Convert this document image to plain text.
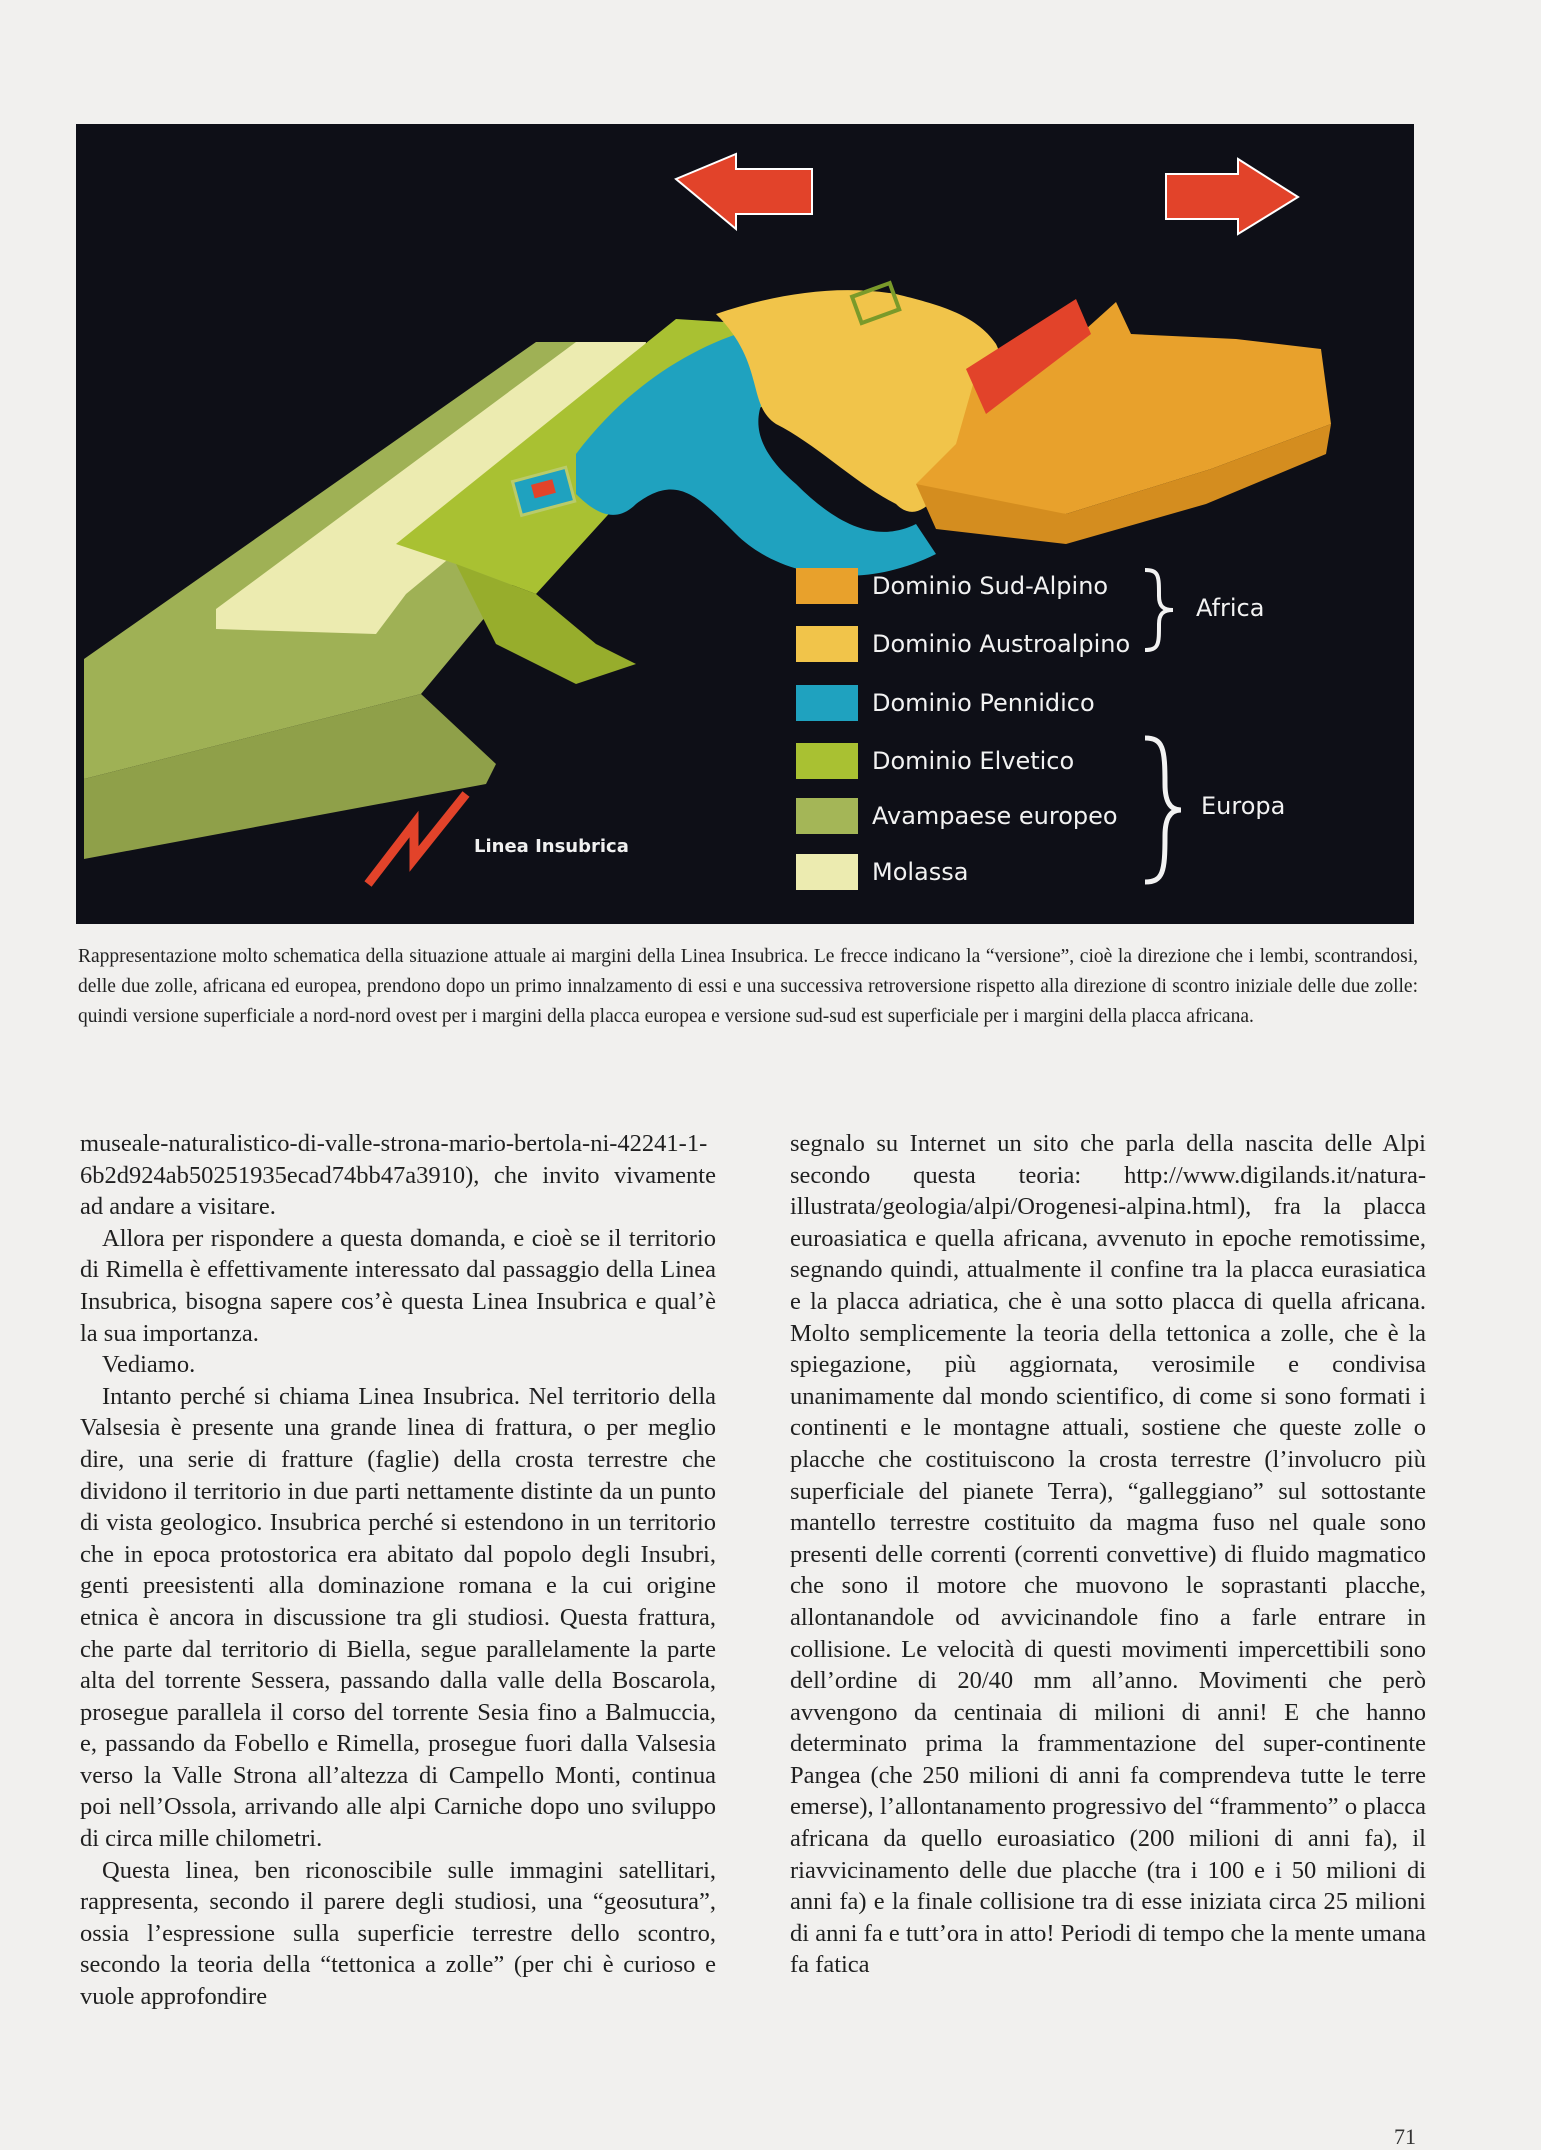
Dominio Sud-Alpino
Dominio Austroalpino
Dominio Pennidico
Dominio Elvetico
Avampaese europeo
Molassa
Africa
Europa
Linea Insubrica
Rappresentazione molto schematica della situazione attuale ai margini della Linea Insubrica. Le frecce indicano la “versione”, cioè la direzione che i lembi, scontrandosi, delle due zolle, africana ed europea, prendono dopo un primo innalzamento di essi e una successiva retroversione rispetto alla direzione di scontro iniziale delle due zolle: quindi versione superficiale a nord-nord ovest per i margini della placca europea e versione sud-sud est superficiale per i margini della placca africana.

museale-naturalistico-di-valle-strona-mario-bertola-ni-42241-1-6b2d924ab50251935ecad74bb47a3910), che invito vivamente ad andare a visitare.

Allora per rispondere a questa domanda, e cioè se il territorio di Rimella è effettivamente interessato dal passaggio della Linea Insubrica, bisogna sapere cos’è questa Linea Insubrica e qual’è la sua importanza.

Vediamo.

Intanto perché si chiama Linea Insubrica. Nel territorio della Valsesia è presente una grande linea di frattura, o per meglio dire, una serie di fratture (faglie) della crosta terrestre che dividono il territorio in due parti nettamente distinte da un punto di vista geologico. Insubrica perché si estendono in un territorio che in epoca protostorica era abitato dal popolo degli Insubri, genti preesistenti alla dominazione romana e la cui origine etnica è ancora in discussione tra gli studiosi. Questa frattura, che parte dal territorio di Biella, segue parallelamente la parte alta del torrente Sessera, passando dalla valle della Boscarola, prosegue parallela il corso del torrente Sesia fino a Balmuccia, e, passando da Fobello e Rimella, prosegue fuori dalla Valsesia verso la Valle Strona all’altezza di Campello Monti, continua poi nell’Ossola, arrivando alle alpi Carniche dopo uno sviluppo di circa mille chilometri.

Questa linea, ben riconoscibile sulle immagini satellitari, rappresenta, secondo il parere degli studiosi, una “geosutura”, ossia l’espressione sulla superficie terrestre dello scontro, secondo la teoria della “tettonica a zolle” (per chi è curioso e vuole approfondire

segnalo su Internet un sito che parla della nascita delle Alpi secondo questa teoria: http://www.digilands.it/natura-illustrata/geologia/alpi/Orogenesi-alpina.html), fra la placca euroasiatica e quella africana, avvenuto in epoche remotissime, segnando quindi, attualmente il confine tra la placca eurasiatica e la placca adriatica, che è una sotto placca di quella africana. Molto semplicemente la teoria della tettonica a zolle, che è la spiegazione, più aggiornata, verosimile e condivisa unanimamente dal mondo scientifico, di come si sono formati i continenti e le montagne attuali, sostiene che queste zolle o placche che costituiscono la crosta terrestre (l’involucro più superficiale del pianete Terra), “galleggiano” sul sottostante mantello terrestre costituito da magma fuso nel quale sono presenti delle correnti (correnti convettive) di fluido magmatico che sono il motore che muovono le soprastanti placche, allontanandole od avvicinandole fino a farle entrare in collisione. Le velocità di questi movimenti impercettibili sono dell’ordine di 20/40 mm all’anno. Movimenti che però avvengono da centinaia di milioni di anni! E che hanno determinato prima la frammentazione del super-continente Pangea (che 250 milioni di anni fa comprendeva tutte le terre emerse), l’allontanamento progressivo del “frammento” o placca africana da quello euroasiatico (200 milioni di anni fa), il riavvicinamento delle due placche (tra i 100 e i 50 milioni di anni fa) e la finale collisione tra di esse iniziata circa 25 milioni di anni fa e tutt’ora in atto! Periodi di tempo che la mente umana fa fatica

71
